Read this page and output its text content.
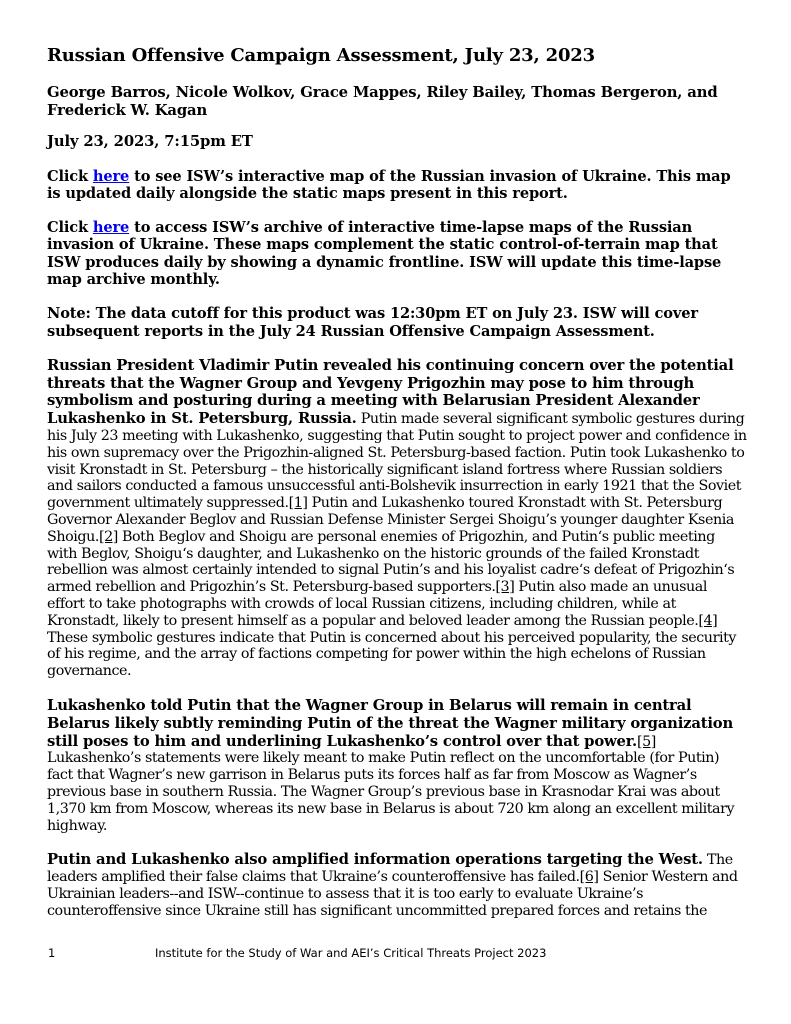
Russian Offensive Campaign Assessment, July 23, 2023
George Barros, Nicole Wolkov, Grace Mappes, Riley Bailey, Thomas Bergeron, and Frederick W. Kagan
July 23, 2023, 7:15pm ET

Click here to see ISW’s interactive map of the Russian invasion of Ukraine. This map is updated daily alongside the static maps present in this report.

Click here to access ISW’s archive of interactive time-lapse maps of the Russian invasion of Ukraine. These maps complement the static control-of-terrain map that ISW produces daily by showing a dynamic frontline. ISW will update this time-lapse map archive monthly.

Note: The data cutoff for this product was 12:30pm ET on July 23. ISW will cover subsequent reports in the July 24 Russian Offensive Campaign Assessment.

Russian President Vladimir Putin revealed his continuing concern over the potential threats that the Wagner Group and Yevgeny Prigozhin may pose to him through symbolism and posturing during a meeting with Belarusian President Alexander Lukashenko in St. Petersburg, Russia. Putin made several significant symbolic gestures during his July 23 meeting with Lukashenko, suggesting that Putin sought to project power and confidence in his own supremacy over the Prigozhin-aligned St. Petersburg-based faction. Putin took Lukashenko to visit Kronstadt in St. Petersburg – the historically significant island fortress where Russian soldiers and sailors conducted a famous unsuccessful anti-Bolshevik insurrection in early 1921 that the Soviet government ultimately suppressed.[1] Putin and Lukashenko toured Kronstadt with St. Petersburg Governor Alexander Beglov and Russian Defense Minister Sergei Shoigu’s younger daughter Ksenia Shoigu.[2] Both Beglov and Shoigu are personal enemies of Prigozhin, and Putin‘s public meeting with Beglov, Shoigu‘s daughter, and Lukashenko on the historic grounds of the failed Kronstadt rebellion was almost certainly intended to signal Putin’s and his loyalist cadre‘s defeat of Prigozhin‘s armed rebellion and Prigozhin’s St. Petersburg-based supporters.[3] Putin also made an unusual effort to take photographs with crowds of local Russian citizens, including children, while at Kronstadt, likely to present himself as a popular and beloved leader among the Russian people.[4] These symbolic gestures indicate that Putin is concerned about his perceived popularity, the security of his regime, and the array of factions competing for power within the high echelons of Russian governance.

Lukashenko told Putin that the Wagner Group in Belarus will remain in central Belarus likely subtly reminding Putin of the threat the Wagner military organization still poses to him and underlining Lukashenko’s control over that power.[5] Lukashenko’s statements were likely meant to make Putin reflect on the uncomfortable (for Putin) fact that Wagner’s new garrison in Belarus puts its forces half as far from Moscow as Wagner’s previous base in southern Russia. The Wagner Group’s previous base in Krasnodar Krai was about 1,370 km from Moscow, whereas its new base in Belarus is about 720 km along an excellent military highway.

Putin and Lukashenko also amplified information operations targeting the West. The leaders amplified their false claims that Ukraine’s counteroffensive has failed.[6] Senior Western and Ukrainian leaders--and ISW--continue to assess that it is too early to evaluate Ukraine’s counteroffensive since Ukraine still has significant uncommitted prepared forces and retains the

1	Institute for the Study of War and AEI’s Critical Threats Project 2023
